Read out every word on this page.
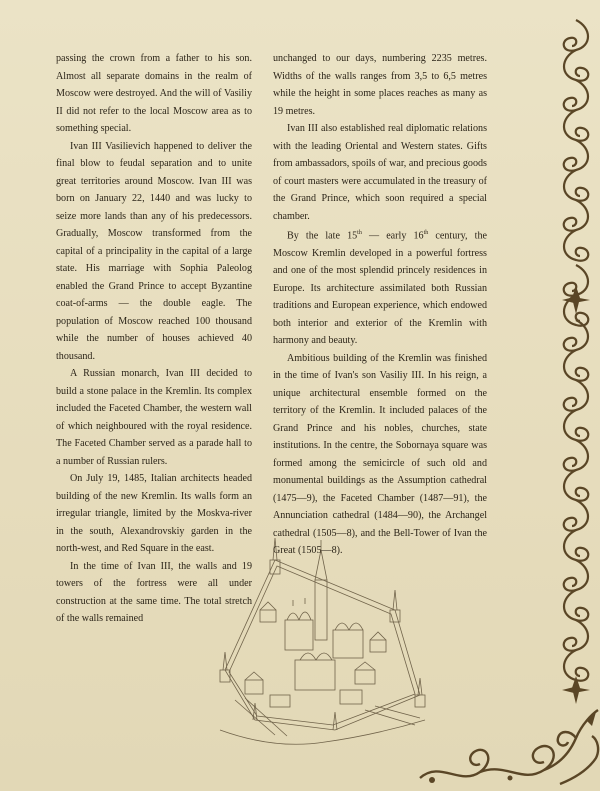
passing the crown from a father to his son. Almost all separate domains in the realm of Moscow were destroyed. And the will of Vasiliy II did not refer to the local Moscow area as to something special.

Ivan III Vasilievich happened to deliver the final blow to feudal separation and to unite great territories around Moscow. Ivan III was born on January 22, 1440 and was lucky to seize more lands than any of his predecessors. Gradually, Moscow transformed from the capital of a principality in the capital of a large state. His marriage with Sophia Paleolog enabled the Grand Prince to accept Byzantine coat-of-arms — the double eagle. The population of Moscow reached 100 thousand while the number of houses achieved 40 thousand.

A Russian monarch, Ivan III decided to build a stone palace in the Kremlin. Its complex included the Faceted Chamber, the western wall of which neighboured with the royal residence. The Faceted Chamber served as a parade hall to a number of Russian rulers.

On July 19, 1485, Italian architects headed building of the new Kremlin. Its walls form an irregular triangle, limited by the Moskva-river in the south, Alexandrovskiy garden in the north-west, and Red Square in the east.

In the time of Ivan III, the walls and 19 towers of the fortress were all under construction at the same time. The total stretch of the walls remained

unchanged to our days, numbering 2235 metres. Widths of the walls ranges from 3,5 to 6,5 metres while the height in some places reaches as many as 19 metres.

Ivan III also established real diplomatic relations with the leading Oriental and Western states. Gifts from ambassadors, spoils of war, and precious goods of court masters were accumulated in the treasury of the Grand Prince, which soon required a special chamber.

By the late 15th — early 16th century, the Moscow Kremlin developed in a powerful fortress and one of the most splendid princely residences in Europe. Its architecture assimilated both Russian traditions and European experience, which endowed both interior and exterior of the Kremlin with harmony and beauty.

Ambitious building of the Kremlin was finished in the time of Ivan's son Vasiliy III. In his reign, a unique architectural ensemble formed on the territory of the Kremlin. It included palaces of the Grand Prince and his nobles, churches, state institutions. In the centre, the Sobornaya square was formed among the semicircle of such old and monumental buildings as the Assumption cathedral (1475—9), the Faceted Chamber (1487—91), the Annunciation cathedral (1484—90), the Archangel cathedral (1505—8), and the Bell-Tower of Ivan the Great (1505—8).
